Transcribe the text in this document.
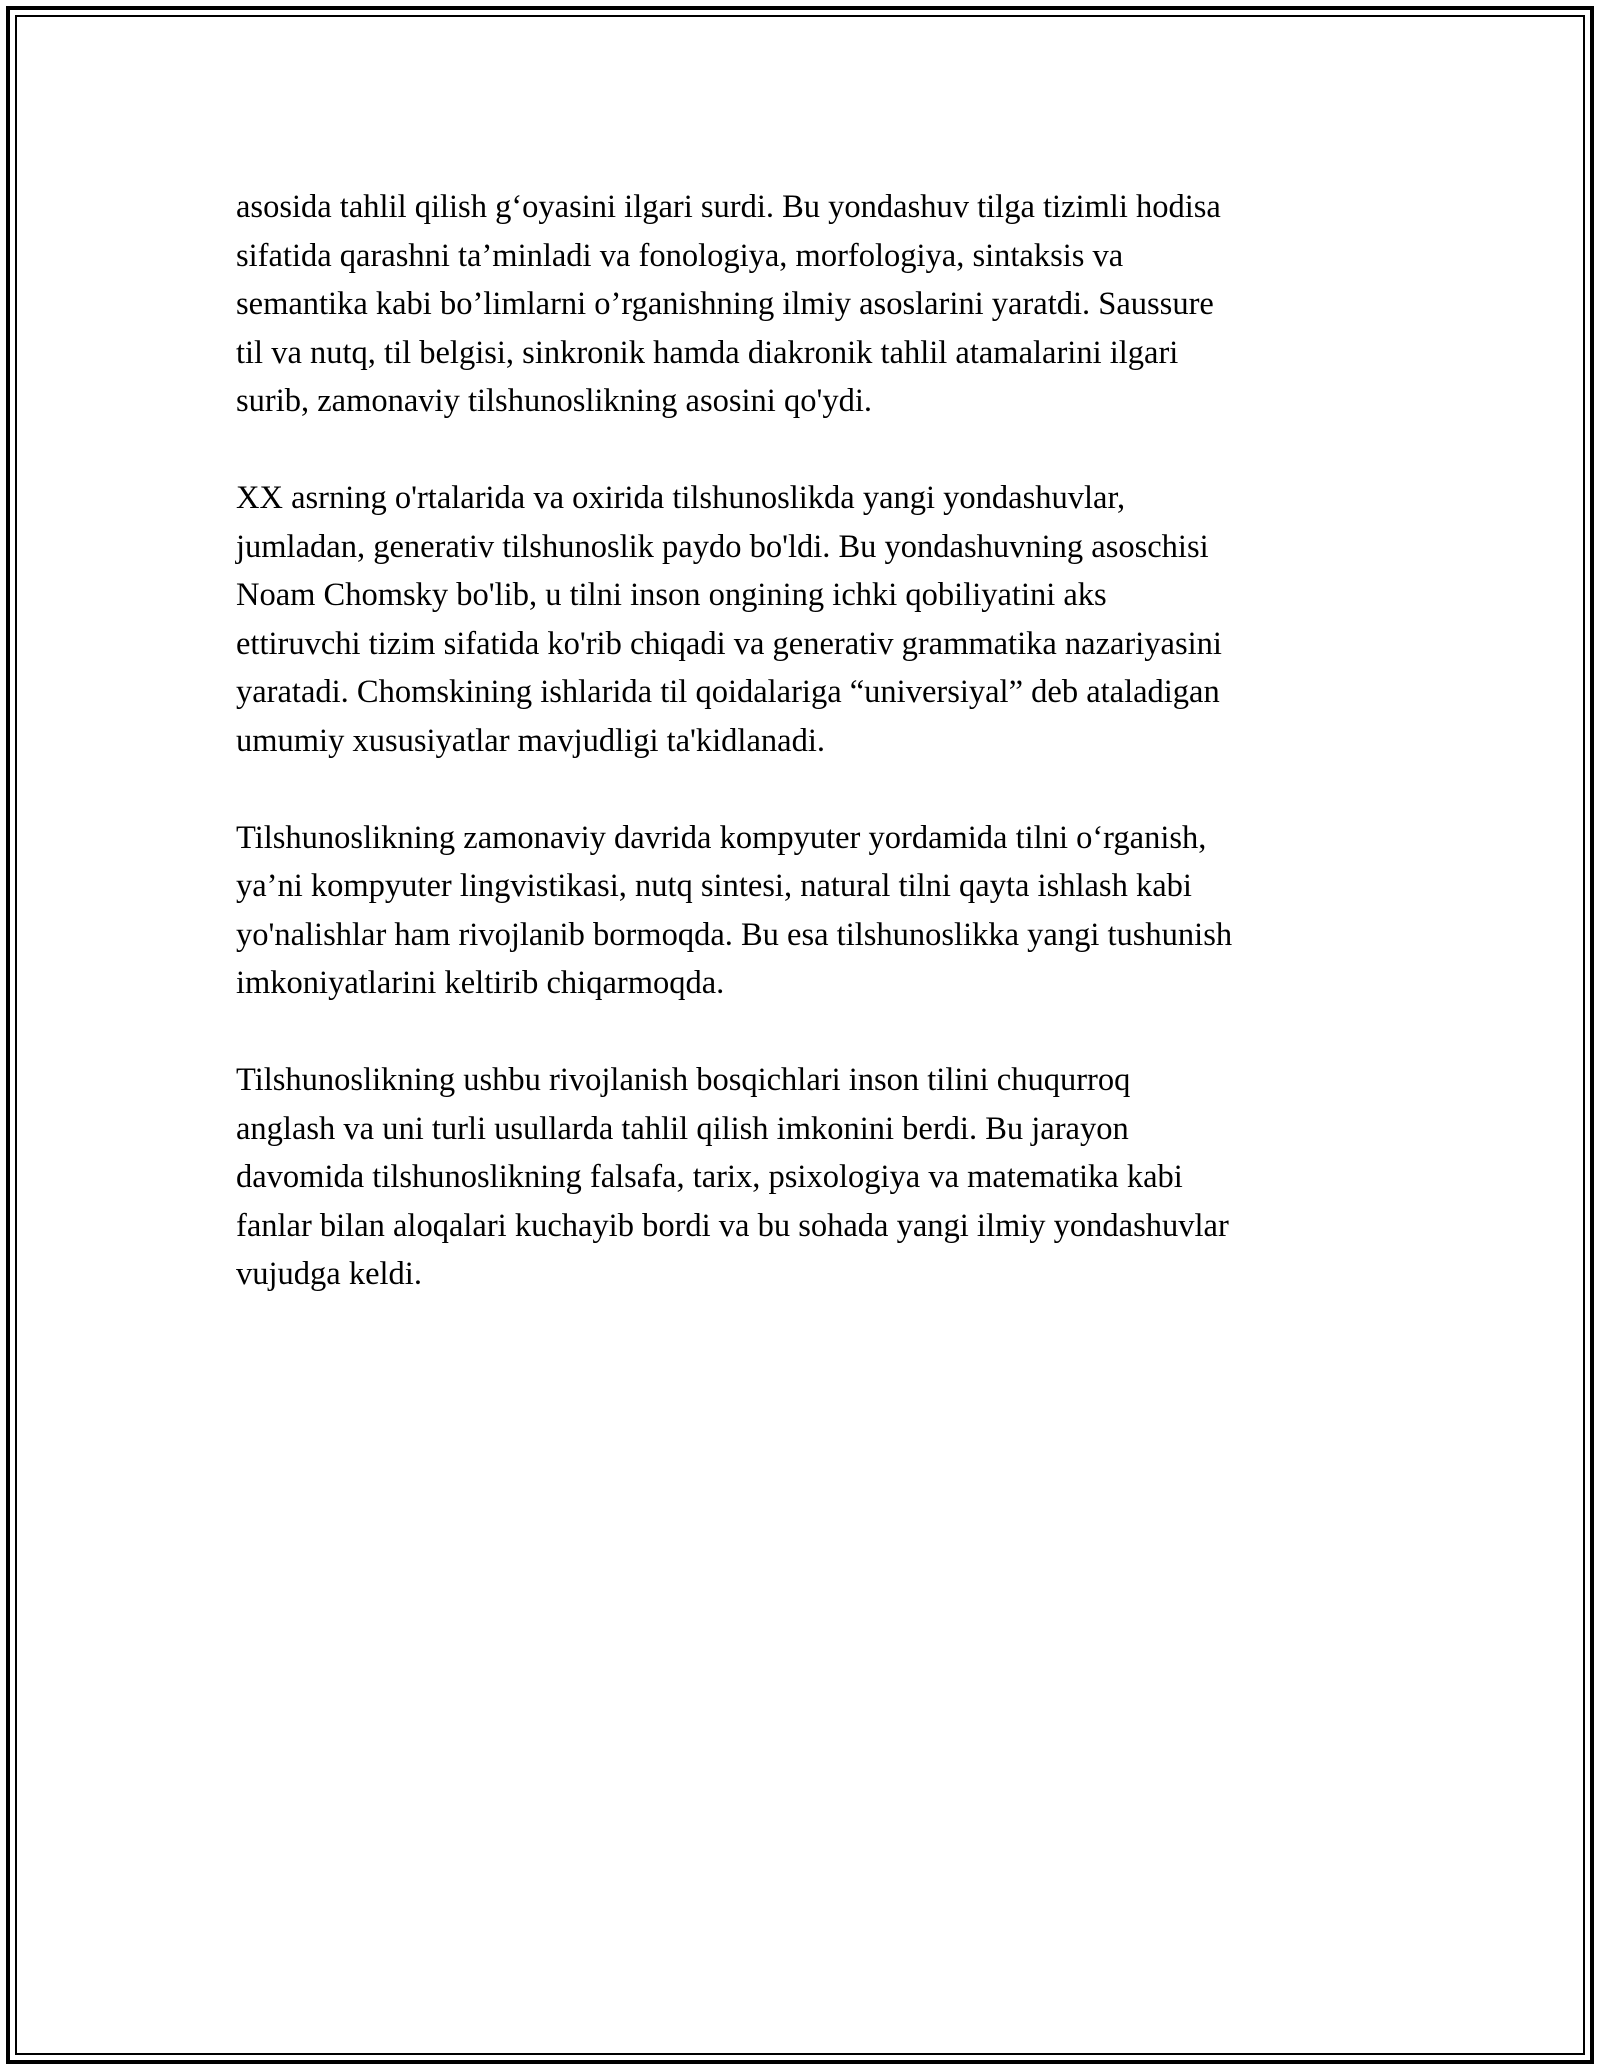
asosida tahlil qilish g‘oyasini ilgari surdi. Bu yondashuv tilga tizimli hodisa
sifatida qarashni ta’minladi va fonologiya, morfologiya, sintaksis va
semantika kabi bo’limlarni o’rganishning ilmiy asoslarini yaratdi. Saussure
til va nutq, til belgisi, sinkronik hamda diakronik tahlil atamalarini ilgari
surib, zamonaviy tilshunoslikning asosini qo'ydi.

XX asrning o'rtalarida va oxirida tilshunoslikda yangi yondashuvlar,
jumladan, generativ tilshunoslik paydo bo'ldi. Bu yondashuvning asoschisi
Noam Chomsky bo'lib, u tilni inson ongining ichki qobiliyatini aks
ettiruvchi tizim sifatida ko'rib chiqadi va generativ grammatika nazariyasini
yaratadi. Chomskining ishlarida til qoidalariga “universiyal” deb ataladigan
umumiy xususiyatlar mavjudligi ta'kidlanadi.

Tilshunoslikning zamonaviy davrida kompyuter yordamida tilni o‘rganish,
ya’ni kompyuter lingvistikasi, nutq sintesi, natural tilni qayta ishlash kabi
yo'nalishlar ham rivojlanib bormoqda. Bu esa tilshunoslikka yangi tushunish
imkoniyatlarini keltirib chiqarmoqda.

Tilshunoslikning ushbu rivojlanish bosqichlari inson tilini chuqurroq
anglash va uni turli usullarda tahlil qilish imkonini berdi. Bu jarayon
davomida tilshunoslikning falsafa, tarix, psixologiya va matematika kabi
fanlar bilan aloqalari kuchayib bordi va bu sohada yangi ilmiy yondashuvlar
vujudga keldi.
